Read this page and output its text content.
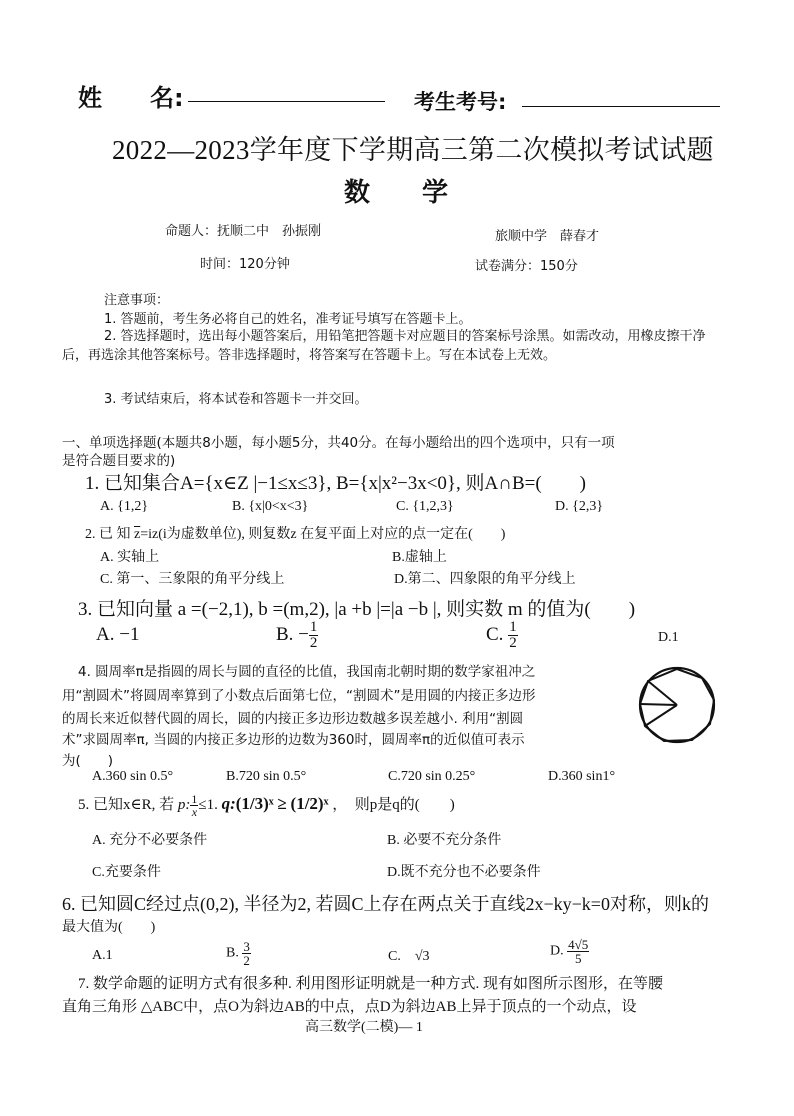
姓　　名:	考生考号:
2022—2023学年度下学期高三第二次模拟考试试题
数　　学
命题人：抚顺二中　孙振刚	旅顺中学　薛春才
时间：120分钟	试卷满分：150分
注意事项：
1. 答题前，考生务必将自己的姓名，准考证号填写在答题卡上。
2. 答选择题时，选出每小题答案后，用铅笔把答题卡对应题目的答案标号涂黑。如需改动，用橡皮擦干净后，再选涂其他答案标号。答非选择题时，将答案写在答题卡上。写在本试卷上无效。
3. 考试结束后，将本试卷和答题卡一并交回。
一、单项选择题(本题共8小题，每小题5分，共40分。在每小题给出的四个选项中，只有一项
是符合题目要求的)
1. 已知集合A={x∈Z |−1≤x≤3}, B={x|x²−3x<0}, 则A∩B=(　　)
A. {1,2}	B. {x|0<x<3}	C. {1,2,3}	D. {2,3}
2. 已 知 $\overline{z}=iz(i$为虚数单位), 则复数z 在复平面上对应的点一定在(　　)
A. 实轴上	B.虚轴上
C. 第一、三象限的角平分线上	D.第二、四象限的角平分线上
3. 已知向量 a =(−2,1), b =(m,2), |a +b |=|a −b |, 则实数 m 的值为(　　)
A. −1	B. − $\frac{1}{2}$	C. $\frac{1}{2}$	D.1
4. 圆周率π是指圆的周长与圆的直径的比值，我国南北朝时期的数学家祖冲之
用“割圆术”将圆周率算到了小数点后面第七位，“割圆术”是用圆的内接正多边形
的周长来近似替代圆的周长，圆的内接正多边形边数越多误差越小. 利用“割圆
术”求圆周率π, 当圆的内接正多边形的边数为360时，圆周率π的近似值可表示
为(　　)
A.360 sin 0.5°	B.720 sin 0.5°	C.720 sin 0.25°	D.360 sin1°
5. 已知x∈R, 若 p: $\frac{1}{x} \le 1$. q:(1/3)ˣ ≥ (1/2)ˣ ，　则p是q的(　　)
A. 充分不必要条件	B. 必要不充分条件
C.充要条件	D.既不充分也不必要条件
6. 已知圆C经过点(0,2), 半径为2, 若圆C上存在两点关于直线2x−ky−k=0对称，则k的
最大值为(　　)
A.1	B. $\frac{3}{2}$	C.　√3	D. $\frac{4√5}{5}$
7. 数学命题的证明方式有很多种. 利用图形证明就是一种方式. 现有如图所示图形，在等腰
直角三角形 △ABC中，点O为斜边AB的中点，点D为斜边AB上异于顶点的一个动点，设
高三数学(二模)— 1
